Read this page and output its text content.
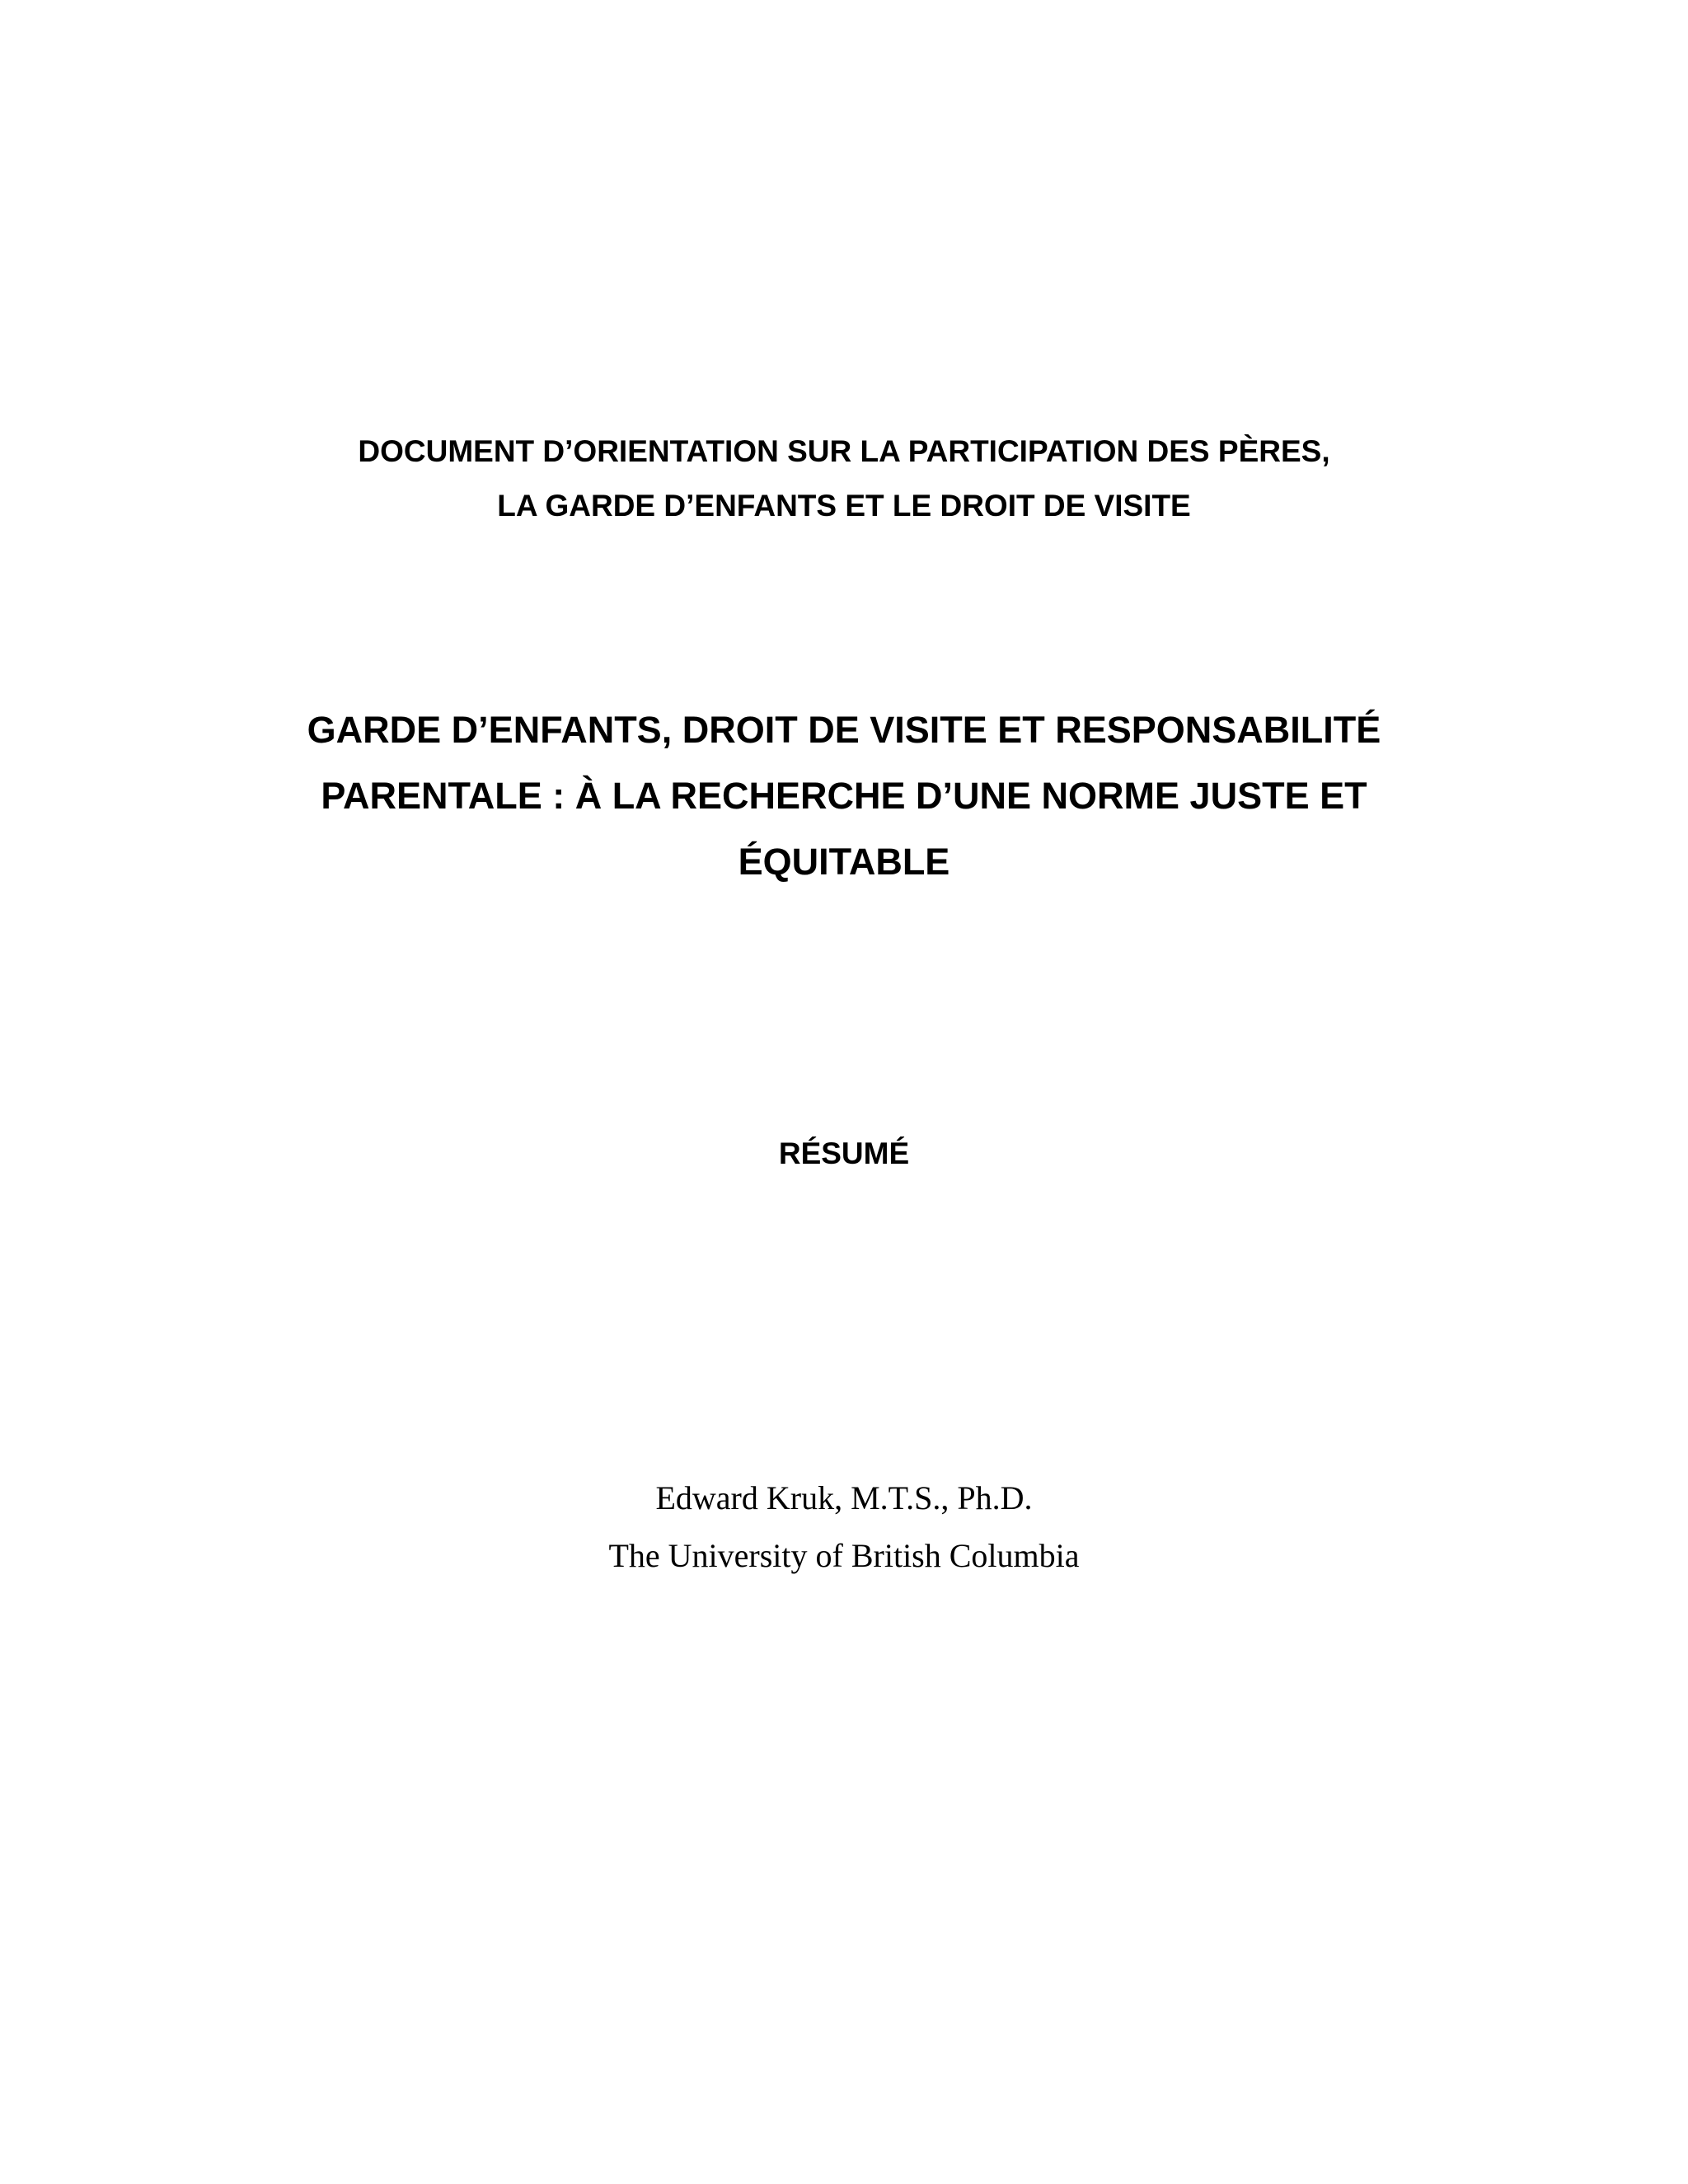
DOCUMENT D’ORIENTATION SUR LA PARTICIPATION DES PÈRES,
LA GARDE D’ENFANTS ET LE DROIT DE VISITE
GARDE D’ENFANTS, DROIT DE VISITE ET RESPONSABILITÉ
PARENTALE : À LA RECHERCHE D’UNE NORME JUSTE ET
ÉQUITABLE
RÉSUMÉ
Edward Kruk, M.T.S., Ph.D.
The University of British Columbia
